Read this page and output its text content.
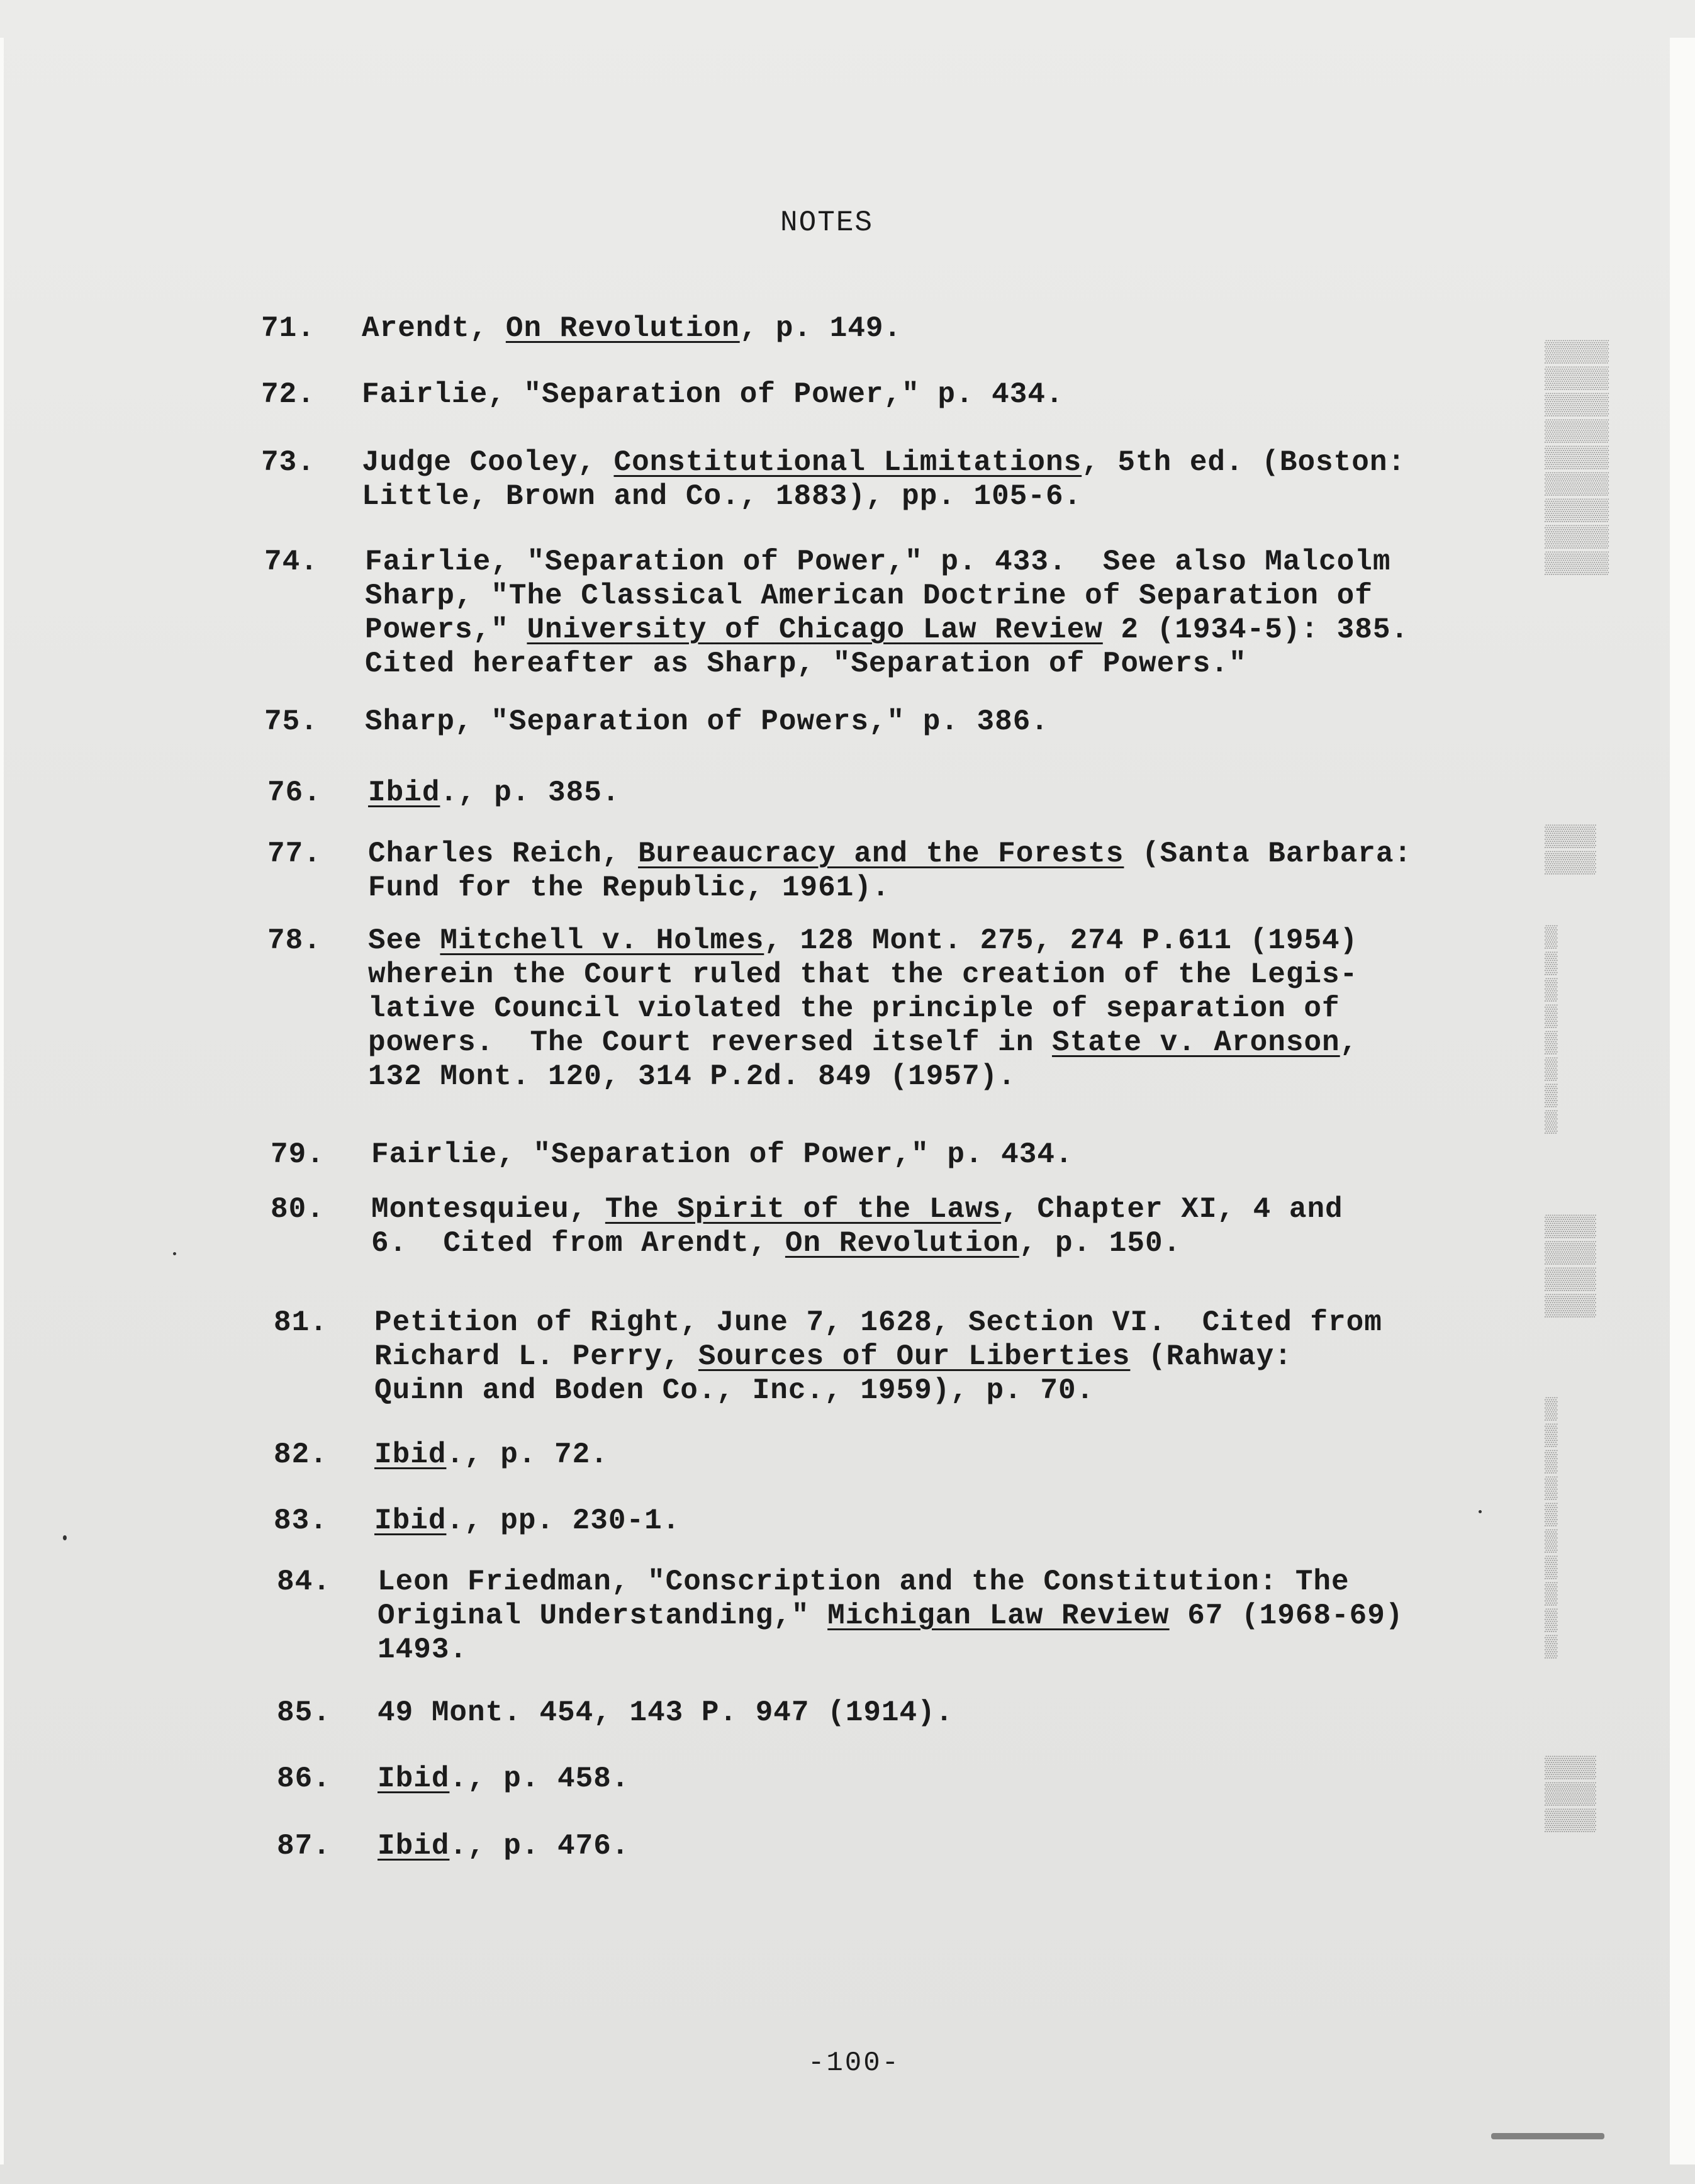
NOTES
71.	Arendt, On Revolution, p. 149.
72.	Fairlie, "Separation of Power," p. 434.
73.	Judge Cooley, Constitutional Limitations, 5th ed. (Boston:
Little, Brown and Co., 1883), pp. 105-6.
74.	Fairlie, "Separation of Power," p. 433.  See also Malcolm
Sharp, "The Classical American Doctrine of Separation of
Powers," University of Chicago Law Review 2 (1934-5): 385.
Cited hereafter as Sharp, "Separation of Powers."
75.	Sharp, "Separation of Powers," p. 386.
76.	Ibid., p. 385.
77.	Charles Reich, Bureaucracy and the Forests (Santa Barbara:
Fund for the Republic, 1961).
78.	See Mitchell v. Holmes, 128 Mont. 275, 274 P.611 (1954)
wherein the Court ruled that the creation of the Legis-
lative Council violated the principle of separation of
powers.  The Court reversed itself in State v. Aronson,
132 Mont. 120, 314 P.2d. 849 (1957).
79.	Fairlie, "Separation of Power," p. 434.
80.	Montesquieu, The Spirit of the Laws, Chapter XI, 4 and
6.  Cited from Arendt, On Revolution, p. 150.
81.	Petition of Right, June 7, 1628, Section VI.  Cited from
Richard L. Perry, Sources of Our Liberties (Rahway:
Quinn and Boden Co., Inc., 1959), p. 70.
82.	Ibid., p. 72.
83.	Ibid., pp. 230-1.
84.	Leon Friedman, "Conscription and the Constitution: The
Original Understanding," Michigan Law Review 67 (1968-69)
1493.
85.	49 Mont. 454, 143 P. 947 (1914).
86.	Ibid., p. 458.
87.	Ibid., p. 476.
-100-
▒▒▒▒▒
▒▒▒▒▒
▒▒▒▒▒
▒▒▒▒▒
▒▒▒▒▒
▒▒▒▒▒
▒▒▒▒▒
▒▒▒▒▒
▒▒▒▒▒
▒▒▒▒
▒▒▒▒
▒
▒
▒
▒
▒
▒
▒
▒
▒▒▒▒
▒▒▒▒
▒▒▒▒
▒▒▒▒
▒
▒
▒
▒
▒
▒
▒
▒
▒
▒
▒▒▒▒
▒▒▒▒
▒▒▒▒
